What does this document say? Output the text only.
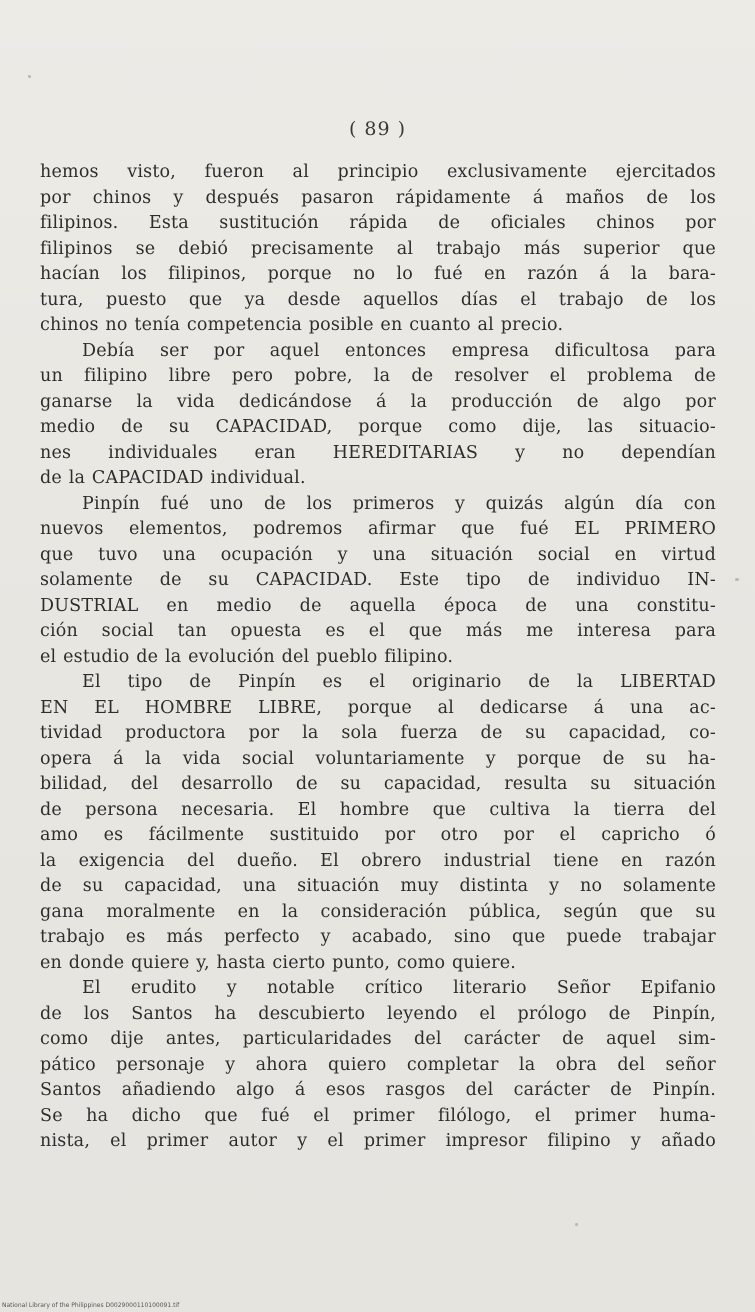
( 89 )
hemos visto, fueron al principio exclusivamente ejercitados
por chinos y después pasaron rápidamente á maños de los
filipinos. Esta sustitución rápida de oficiales chinos por
filipinos se debió precisamente al trabajo más superior que
hacían los filipinos, porque no lo fué en razón á la bara-
tura, puesto que ya desde aquellos días el trabajo de los
chinos no tenía competencia posible en cuanto al precio.
Debía ser por aquel entonces empresa dificultosa para
un filipino libre pero pobre, la de resolver el problema de
ganarse la vida dedicándose á la producción de algo por
medio de su CAPACIDAD, porque como dije, las situacio-
nes individuales eran HEREDITARIAS y no dependían
de la CAPACIDAD individual.
Pinpín fué uno de los primeros y quizás algún día con
nuevos elementos, podremos afirmar que fué EL PRIMERO
que tuvo una ocupación y una situación social en virtud
solamente de su CAPACIDAD. Este tipo de individuo IN-
DUSTRIAL en medio de aquella época de una constitu-
ción social tan opuesta es el que más me interesa para
el estudio de la evolución del pueblo filipino.
El tipo de Pinpín es el originario de la LIBERTAD
EN EL HOMBRE LIBRE, porque al dedicarse á una ac-
tividad productora por la sola fuerza de su capacidad, co-
opera á la vida social voluntariamente y porque de su ha-
bilidad, del desarrollo de su capacidad, resulta su situación
de persona necesaria. El hombre que cultiva la tierra del
amo es fácilmente sustituido por otro por el capricho ó
la exigencia del dueño. El obrero industrial tiene en razón
de su capacidad, una situación muy distinta y no solamente
gana moralmente en la consideración pública, según que su
trabajo es más perfecto y acabado, sino que puede trabajar
en donde quiere y, hasta cierto punto, como quiere.
El erudito y notable crítico literario Señor Epifanio
de los Santos ha descubierto leyendo el prólogo de Pinpín,
como dije antes, particularidades del carácter de aquel sim-
pático personaje y ahora quiero completar la obra del señor
Santos añadiendo algo á esos rasgos del carácter de Pinpín.
Se ha dicho que fué el primer filólogo, el primer huma-
nista, el primer autor y el primer impresor filipino y añado
National Library of the Philippines D0029000110100091.tif
